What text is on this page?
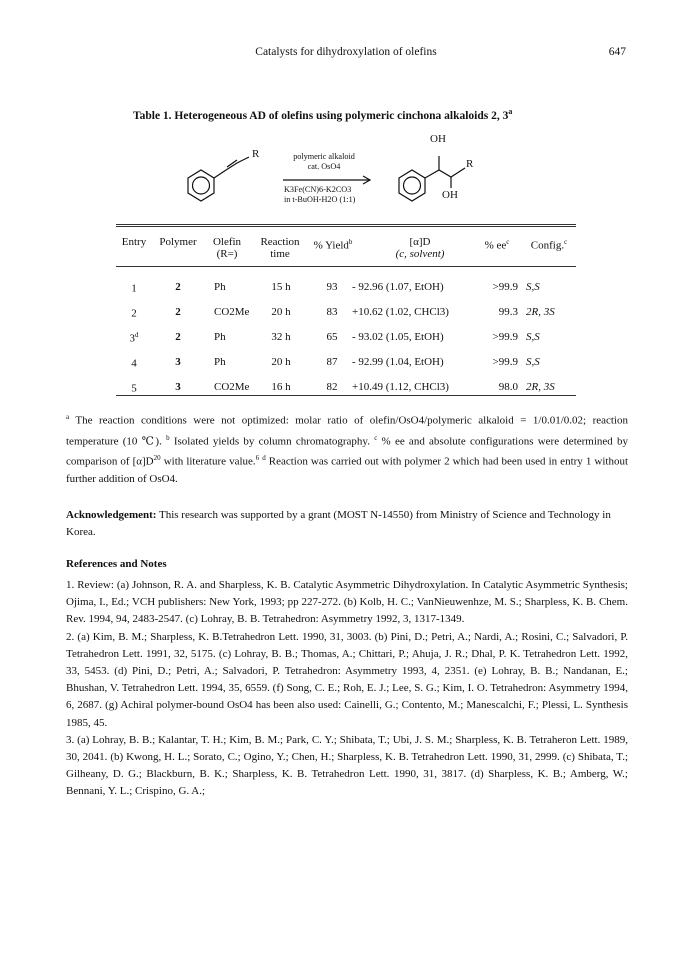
Catalysts for dihydroxylation of olefins	647
Table 1. Heterogeneous AD of olefins using polymeric cinchona alkaloids 2, 3$^a$
R
OH
R
OH
polymeric alkaloid
cat. OsO4
K3Fe(CN)6-K2CO3
in t-BuOH-H2O (1:1)
Entry	Polymer	Olefin
(R=)
Reaction
time
% Yield$^b$	[α]D
(c, solvent)
% $ee^c$	Config.$^c$
1	2	Ph	15 h	93	- 92.96 (1.07, EtOH)	>99.9 S,S
2	2	CO2Me	20 h	83	+10.62 (1.02, CHCl3)	99.3 2R, 3S
3$^d$	2	Ph	32 h	65	- 93.02 (1.05, EtOH)	>99.9 S,S
4	3	Ph	20 h	87	- 92.99 (1.04, EtOH)	>99.9 S,S
5	3	CO2Me	16 h	82	+10.49 (1.12, CHCl3)	98.0 2R, 3S
$^a$ The reaction conditions were not optimized: molar ratio of olefin/OsO4/polymeric alkaloid = 1/0.01/0.02; reaction temperature (10 ℃). $^b$ Isolated yields by column chromatography. $^c$ % ee and absolute configurations were determined by comparison of $[\alpha]D^{20}$ with literature value.$^6$ $^d$ Reaction was carried out with polymer 2 which had been used in entry 1 without further addition of OsO4.
Acknowledgement: This research was supported by a grant (MOST N-14550) from Ministry of Science and Technology in Korea.
References and Notes

1. Review: (a) Johnson, R. A. and Sharpless, K. B. Catalytic Asymmetric Dihydroxylation. In Catalytic Asymmetric Synthesis; Ojima, I., Ed.; VCH publishers: New York, 1993; pp 227-272. (b) Kolb, H. C.; VanNieuwenhze, M. S.; Sharpless, K. B. Chem. Rev. 1994, 94, 2483-2547. (c) Lohray, B. B. Tetrahedron: Asymmetry 1992, 3, 1317-1349.

2. (a) Kim, B. M.; Sharpless, K. B.Tetrahedron Lett. 1990, 31, 3003. (b) Pini, D.; Petri, A.; Nardi, A.; Rosini, C.; Salvadori, P. Tetrahedron Lett. 1991, 32, 5175. (c) Lohray, B. B.; Thomas, A.; Chittari, P.; Ahuja, J. R.; Dhal, P. K. Tetrahedron Lett. 1992, 33, 5453. (d) Pini, D.; Petri, A.; Salvadori, P. Tetrahedron: Asymmetry 1993, 4, 2351. (e) Lohray, B. B.; Nandanan, E.; Bhushan, V. Tetrahedron Lett. 1994, 35, 6559. (f) Song, C. E.; Roh, E. J.; Lee, S. G.; Kim, I. O. Tetrahedron: Asymmetry 1994, 6, 2687. (g) Achiral polymer-bound OsO4 has been also used: Cainelli, G.; Contento, M.; Manescalchi, F.; Plessi, L. Synthesis 1985, 45.

3. (a) Lohray, B. B.; Kalantar, T. H.; Kim, B. M.; Park, C. Y.; Shibata, T.; Ubi, J. S. M.; Sharpless, K. B. Tetraheron Lett. 1989, 30, 2041. (b) Kwong, H. L.; Sorato, C.; Ogino, Y.; Chen, H.; Sharpless, K. B. Tetrahedron Lett. 1990, 31, 2999. (c) Shibata, T.; Gilheany, D. G.; Blackburn, B. K.; Sharpless, K. B. Tetrahedron Lett. 1990, 31, 3817. (d) Sharpless, K. B.; Amberg, W.; Bennani, Y. L.; Crispino, G. A.;
